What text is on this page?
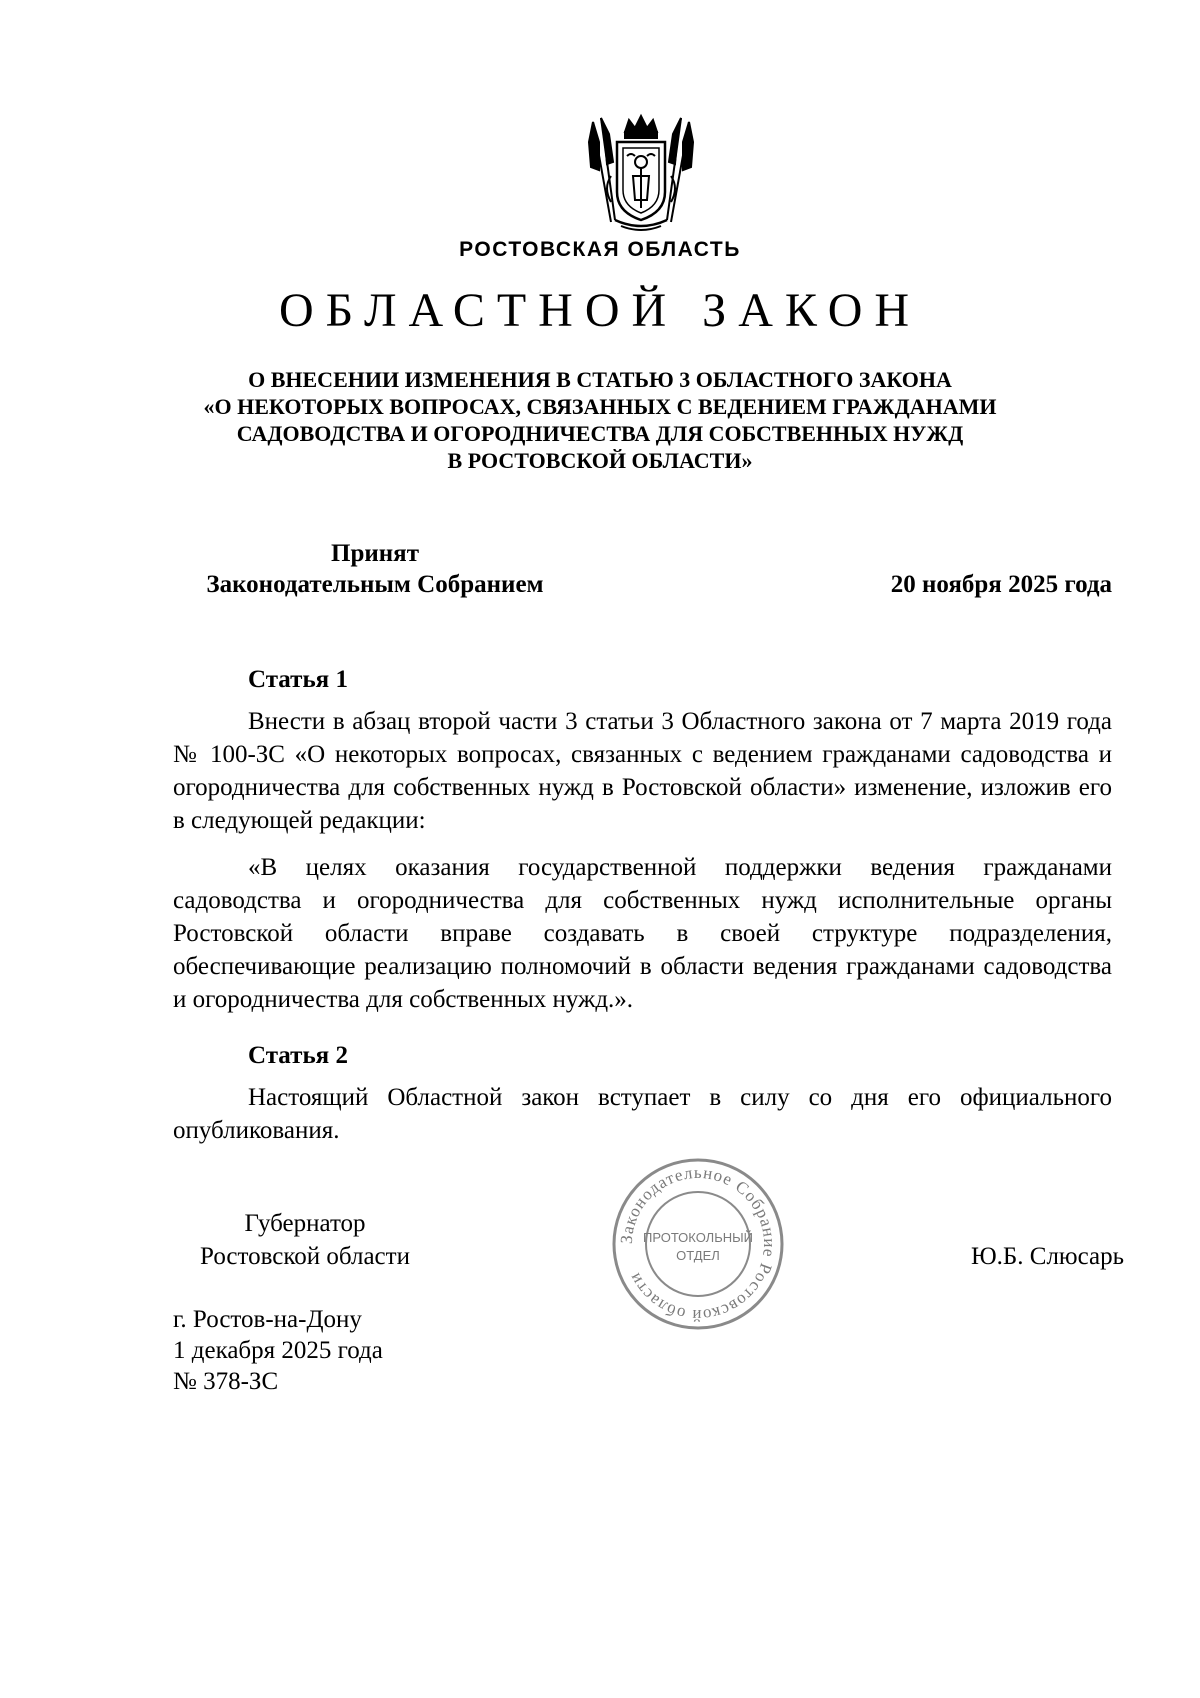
РОСТОВСКАЯ ОБЛАСТЬ
ОБЛАСТНОЙ ЗАКОН
О ВНЕСЕНИИ ИЗМЕНЕНИЯ В СТАТЬЮ 3 ОБЛАСТНОГО ЗАКОНА
«О НЕКОТОРЫХ ВОПРОСАХ, СВЯЗАННЫХ С ВЕДЕНИЕМ ГРАЖДАНАМИ
САДОВОДСТВА И ОГОРОДНИЧЕСТВА ДЛЯ СОБСТВЕННЫХ НУЖД
В РОСТОВСКОЙ ОБЛАСТИ»
Принят
Законодательным Собранием	20 ноября 2025 года
Статья 1

Внести в абзац второй части 3 статьи 3 Областного закона от 7 марта 2019 года № 100-ЗС «О некоторых вопросах, связанных с ведением гражданами садоводства и огородничества для собственных нужд в Ростовской области» изменение, изложив его в следующей редакции:

«В целях оказания государственной поддержки ведения гражданами садоводства и огородничества для собственных нужд исполнительные органы Ростовской области вправе создавать в своей структуре подразделения, обеспечивающие реализацию полномочий в области ведения гражданами садоводства и огородничества для собственных нужд.».

Статья 2

Настоящий Областной закон вступает в силу со дня его официального опубликования.

Губернатор
Ростовской области	Ю.Б. Слюсарь
Законодательное Собрание Ростовской области
ПРОТОКОЛЬНЫЙ
ОТДЕЛ
г. Ростов-на-Дону
1 декабря 2025 года
№ 378-ЗС
